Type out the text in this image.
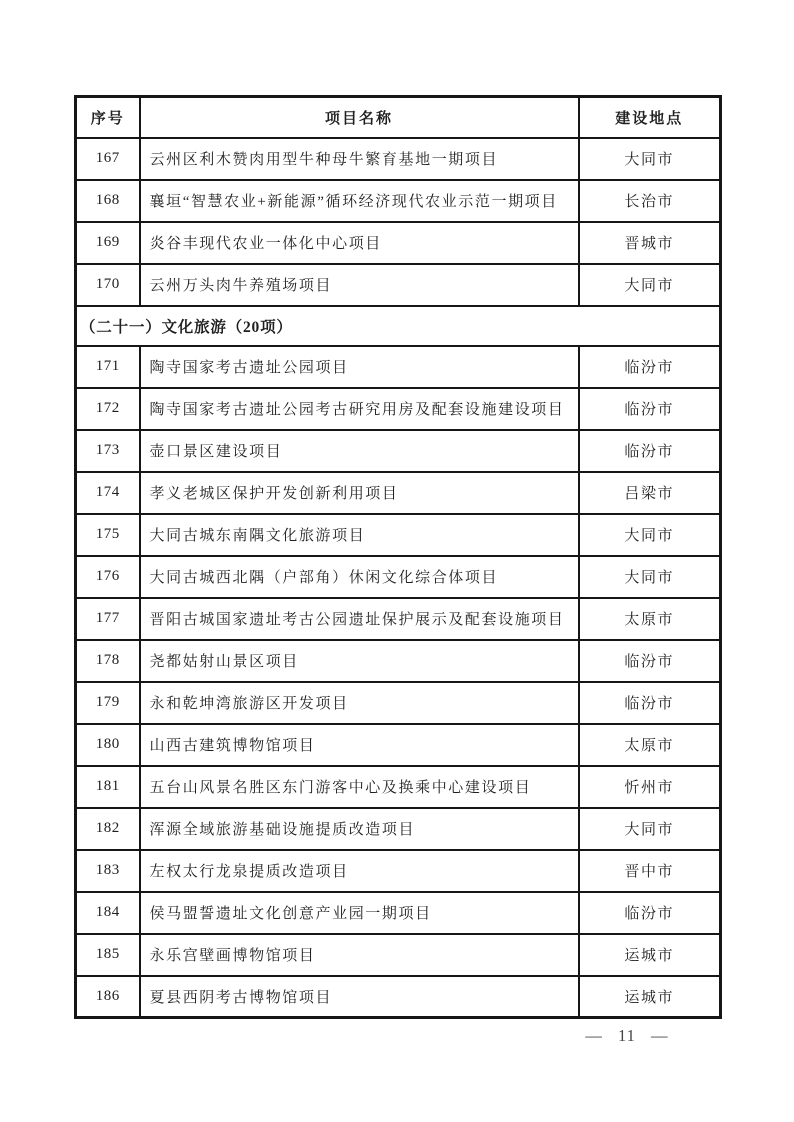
序号	项目名称	建设地点
167	云州区利木赞肉用型牛种母牛繁育基地一期项目	大同市
168	襄垣“智慧农业+新能源”循环经济现代农业示范一期项目	长治市
169	炎谷丰现代农业一体化中心项目	晋城市
170	云州万头肉牛养殖场项目	大同市
（二十一）文化旅游（20项）		
171	陶寺国家考古遗址公园项目	临汾市
172	陶寺国家考古遗址公园考古研究用房及配套设施建设项目	临汾市
173	壶口景区建设项目	临汾市
174	孝义老城区保护开发创新利用项目	吕梁市
175	大同古城东南隅文化旅游项目	大同市
176	大同古城西北隅（户部角）休闲文化综合体项目	大同市
177	晋阳古城国家遗址考古公园遗址保护展示及配套设施项目	太原市
178	尧都姑射山景区项目	临汾市
179	永和乾坤湾旅游区开发项目	临汾市
180	山西古建筑博物馆项目	太原市
181	五台山风景名胜区东门游客中心及换乘中心建设项目	忻州市
182	浑源全域旅游基础设施提质改造项目	大同市
183	左权太行龙泉提质改造项目	晋中市
184	侯马盟誓遗址文化创意产业园一期项目	临汾市
185	永乐宫壁画博物馆项目	运城市
186	夏县西阴考古博物馆项目	运城市
— 11 —
